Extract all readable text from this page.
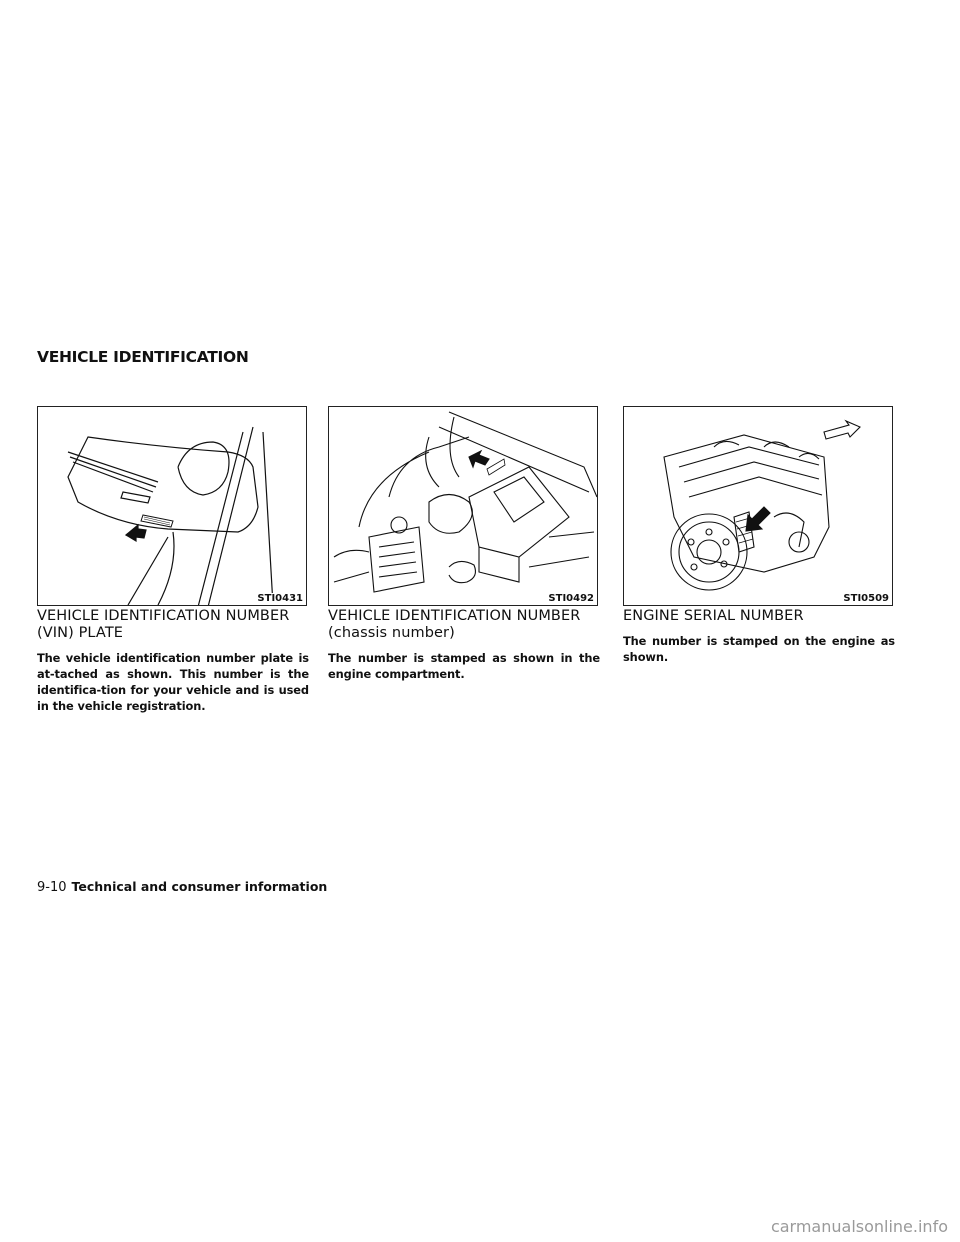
VEHICLE IDENTIFICATION
STI0431	STI0492	STI0509
VEHICLE IDENTIFICATION NUMBER
(VIN) PLATE

The vehicle identification number plate is at-tached as shown. This number is the identifica-tion for your vehicle and is used in the vehicle registration.

VEHICLE IDENTIFICATION NUMBER
(chassis number)

The number is stamped as shown in the engine compartment.

ENGINE SERIAL NUMBER

The number is stamped on the engine as shown.

9-10 Technical and consumer information
carmanualsonline.info
